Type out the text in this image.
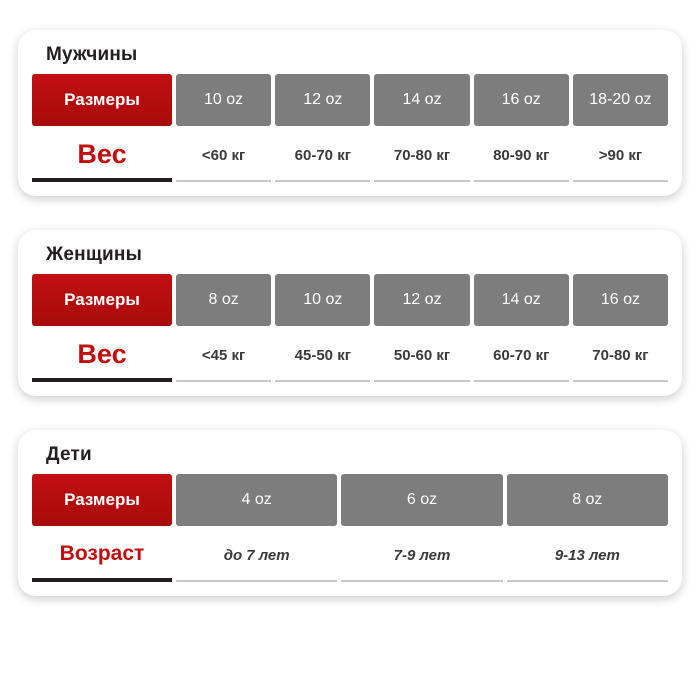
Мужчины
Размеры	10 oz	12 oz	14 oz	16 oz	18-20 oz
Вес	<60 кг	60-70 кг	70-80 кг	80-90 кг	>90 кг
Женщины
Размеры	8 oz	10 oz	12 oz	14 oz	16 oz
Вес	<45 кг	45-50 кг	50-60 кг	60-70 кг	70-80 кг
Дети
Размеры	4 oz	6 oz	8 oz
Возраст	до 7 лет	7-9 лет	9-13 лет
